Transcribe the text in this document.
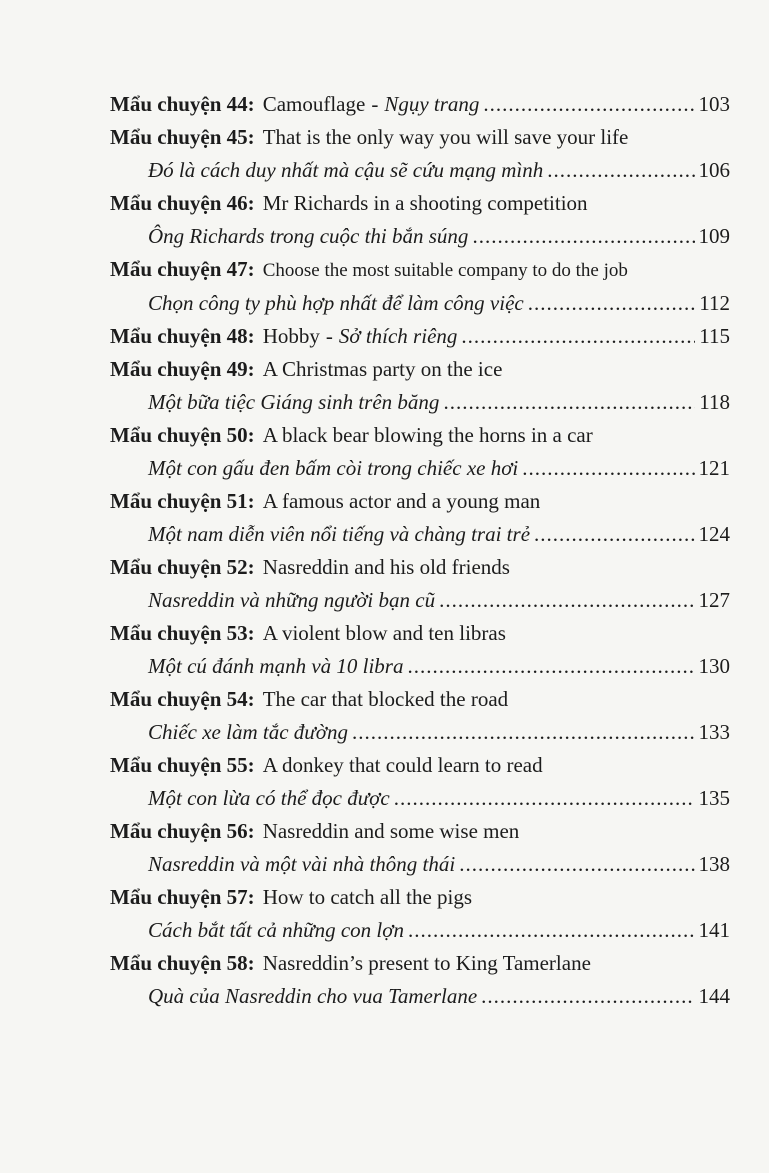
Mẩu chuyện 44: Camouflage - Ngụy trang .....	103
Mẩu chuyện 45: That is the only way you will save your life
Đó là cách duy nhất mà cậu sẽ cứu mạng mình .....	106
Mẩu chuyện 46: Mr Richards in a shooting competition
Ông Richards trong cuộc thi bắn súng .....	109
Mẩu chuyện 47: Choose the most suitable company to do the job
Chọn công ty phù hợp nhất để làm công việc .....	112
Mẩu chuyện 48: Hobby - Sở thích riêng .....	115
Mẩu chuyện 49: A Christmas party on the ice
Một bữa tiệc Giáng sinh trên băng .....	118
Mẩu chuyện 50: A black bear blowing the horns in a car
Một con gấu đen bấm còi trong chiếc xe hơi .....	121
Mẩu chuyện 51: A famous actor and a young man
Một nam diễn viên nổi tiếng và chàng trai trẻ .....	124
Mẩu chuyện 52: Nasreddin and his old friends
Nasreddin và những người bạn cũ .....	127
Mẩu chuyện 53: A violent blow and ten libras
Một cú đánh mạnh và 10 libra .....	130
Mẩu chuyện 54: The car that blocked the road
Chiếc xe làm tắc đường .....	133
Mẩu chuyện 55: A donkey that could learn to read
Một con lừa có thể đọc được .....	135
Mẩu chuyện 56: Nasreddin and some wise men
Nasreddin và một vài nhà thông thái .....	138
Mẩu chuyện 57: How to catch all the pigs
Cách bắt tất cả những con lợn .....	141
Mẩu chuyện 58: Nasreddin’s present to King Tamerlane
Quà của Nasreddin cho vua Tamerlane .....	144
